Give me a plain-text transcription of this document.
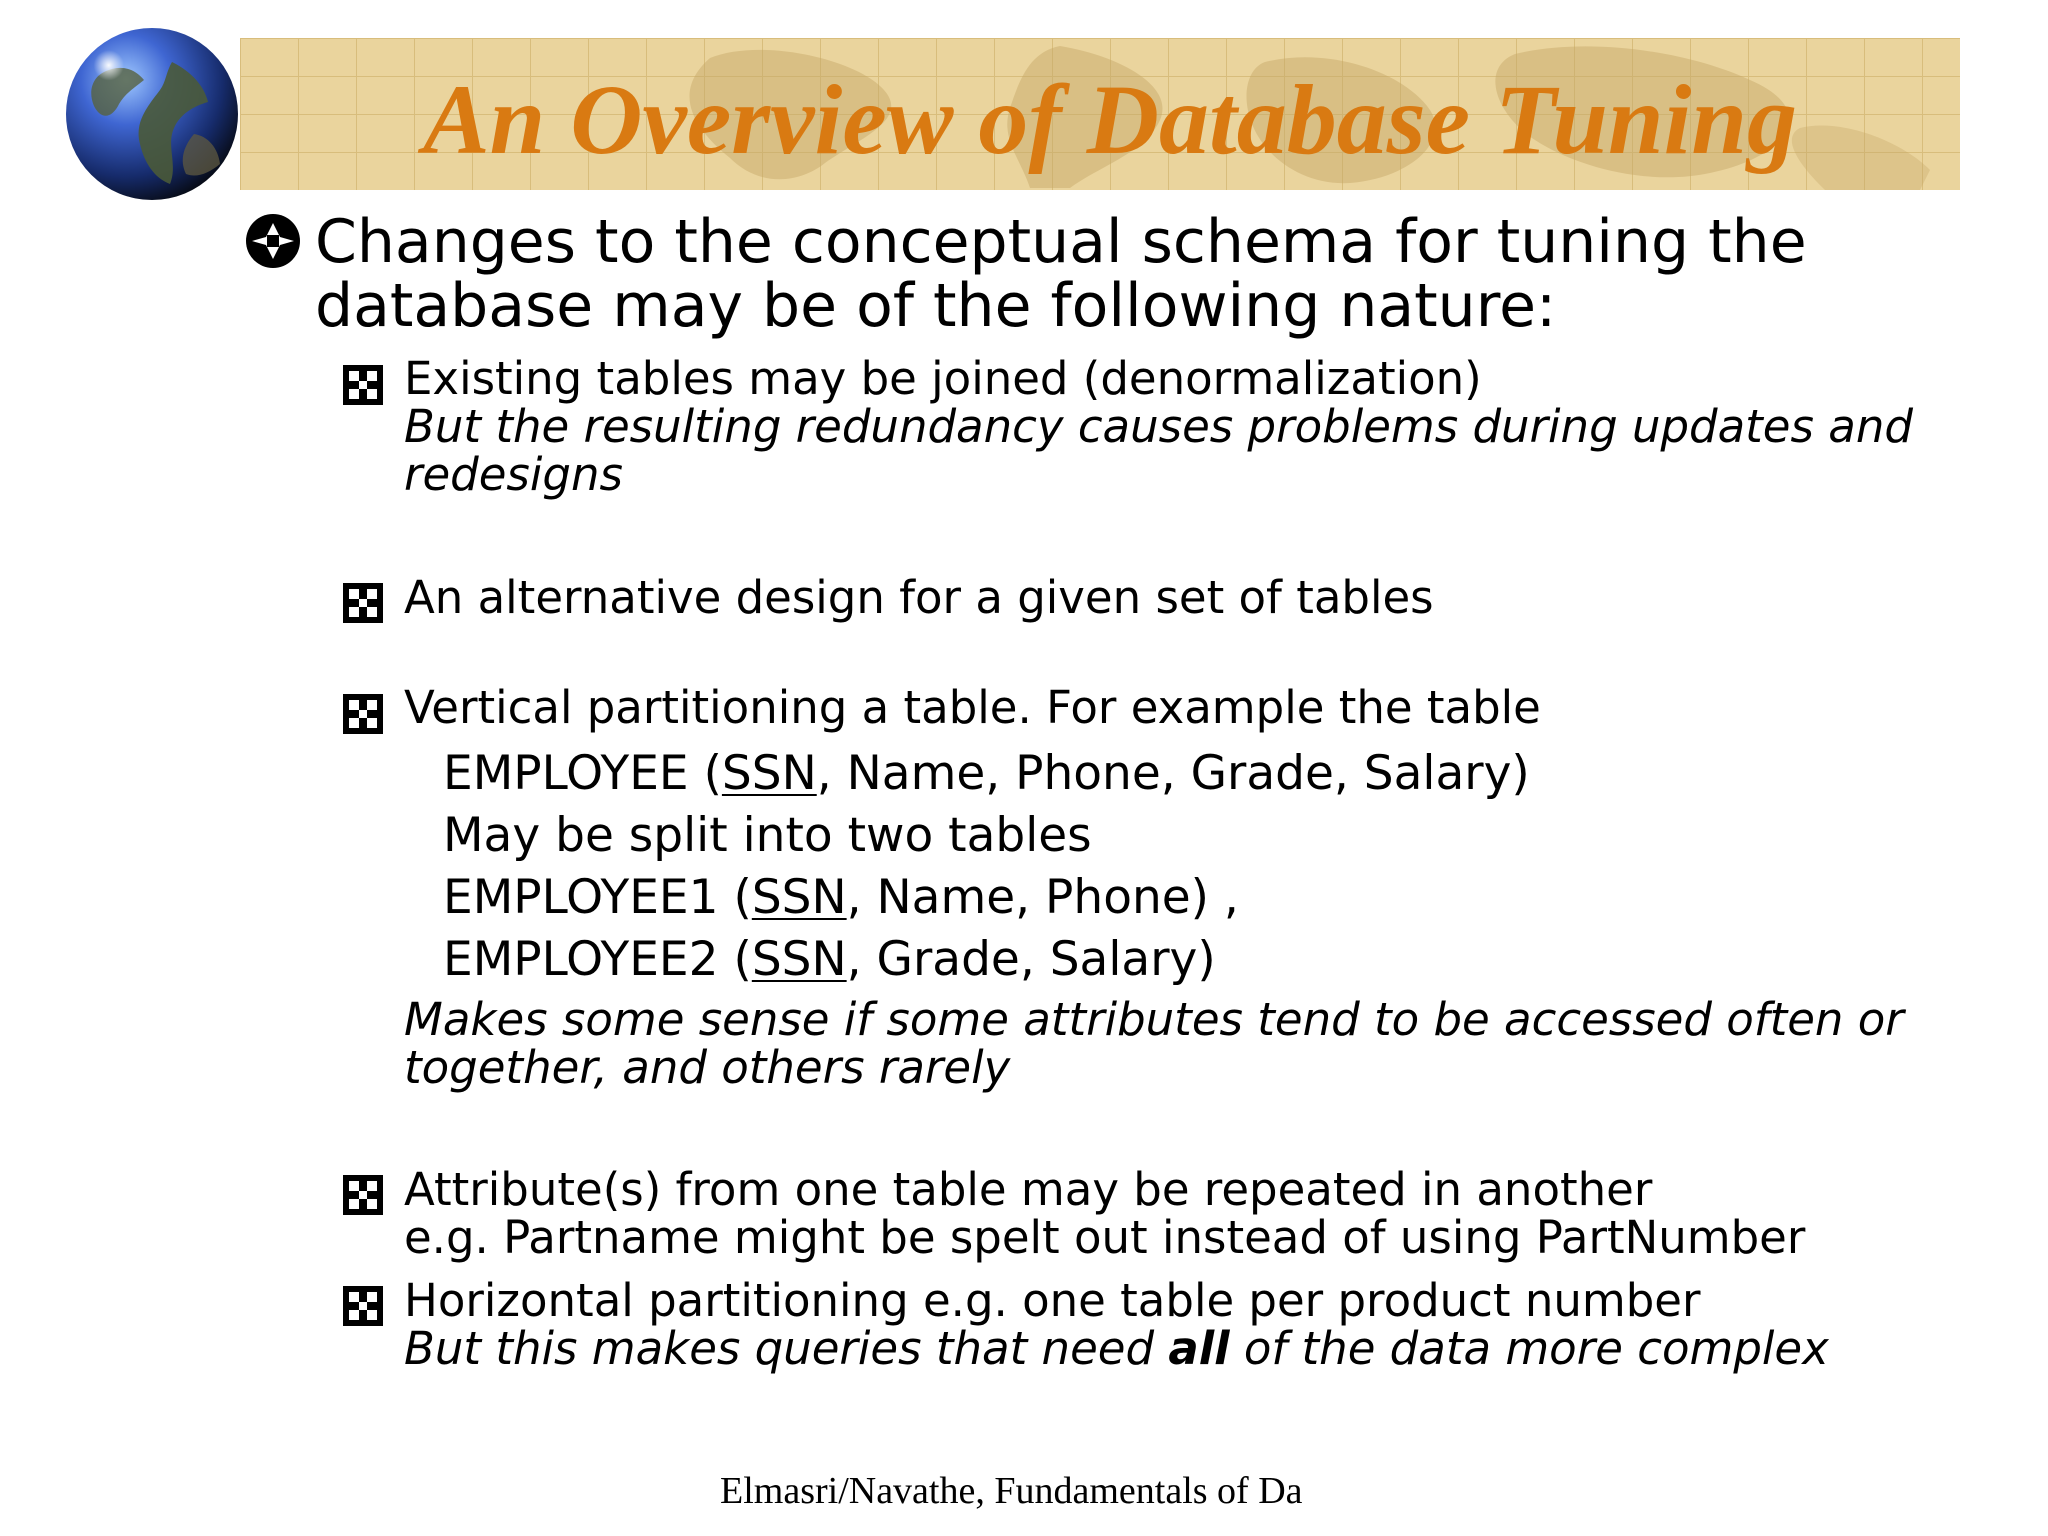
An Overview of Database Tuning

Changes to the conceptual schema for tuning the
database may be of the following nature:

Existing tables may be joined (denormalization)
But the resulting redundancy causes problems during updates and
redesigns

An alternative design for a given set of tables

Vertical partitioning a table. For example the table

EMPLOYEE (SSN, Name, Phone, Grade, Salary)

May be split into two tables

EMPLOYEE1 (SSN, Name, Phone) ,

EMPLOYEE2 (SSN, Grade, Salary)

Makes some sense if some attributes tend to be accessed often or
together, and others rarely

Attribute(s) from one table may be repeated in another
e.g. Partname might be spelt out instead of using PartNumber

Horizontal partitioning e.g. one table per product number
But this makes queries that need all of the data more complex

Elmasri/Navathe, Fundamentals of Da
